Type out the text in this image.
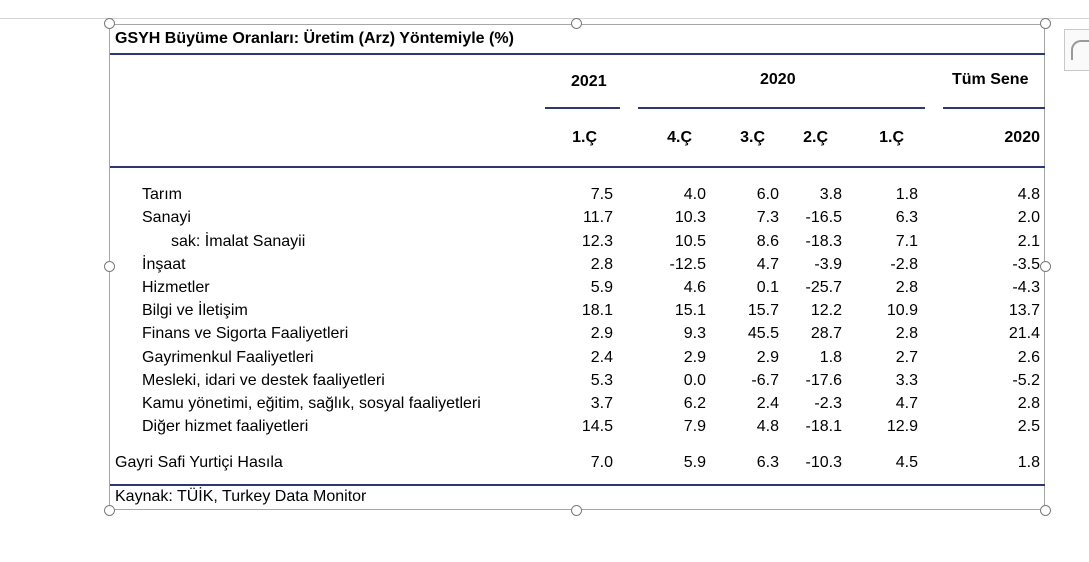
GSYH Büyüme Oranları: Üretim (Arz) Yöntemiyle (%)
2021	2020	Tüm Sene
1.Ç	4.Ç	3.Ç	2.Ç	1.Ç	2020
Tarım	7.5	4.0	6.0	3.8	1.8	4.8
Sanayi	11.7	10.3	7.3	-16.5	6.3	2.0
sak: İmalat Sanayii	12.3	10.5	8.6	-18.3	7.1	2.1
İnşaat	2.8	-12.5	4.7	-3.9	-2.8	-3.5
Hizmetler	5.9	4.6	0.1	-25.7	2.8	-4.3
Bilgi ve İletişim	18.1	15.1	15.7	12.2	10.9	13.7
Finans ve Sigorta Faaliyetleri	2.9	9.3	45.5	28.7	2.8	21.4
Gayrimenkul Faaliyetleri	2.4	2.9	2.9	1.8	2.7	2.6
Mesleki, idari ve destek faaliyetleri	5.3	0.0	-6.7	-17.6	3.3	-5.2
Kamu yönetimi, eğitim, sağlık, sosyal faaliyetleri	3.7	6.2	2.4	-2.3	4.7	2.8
Diğer hizmet faaliyetleri	14.5	7.9	4.8	-18.1	12.9	2.5
Gayri Safi Yurtiçi Hasıla	7.0	5.9	6.3	-10.3	4.5	1.8
Kaynak: TÜİK, Turkey Data Monitor
